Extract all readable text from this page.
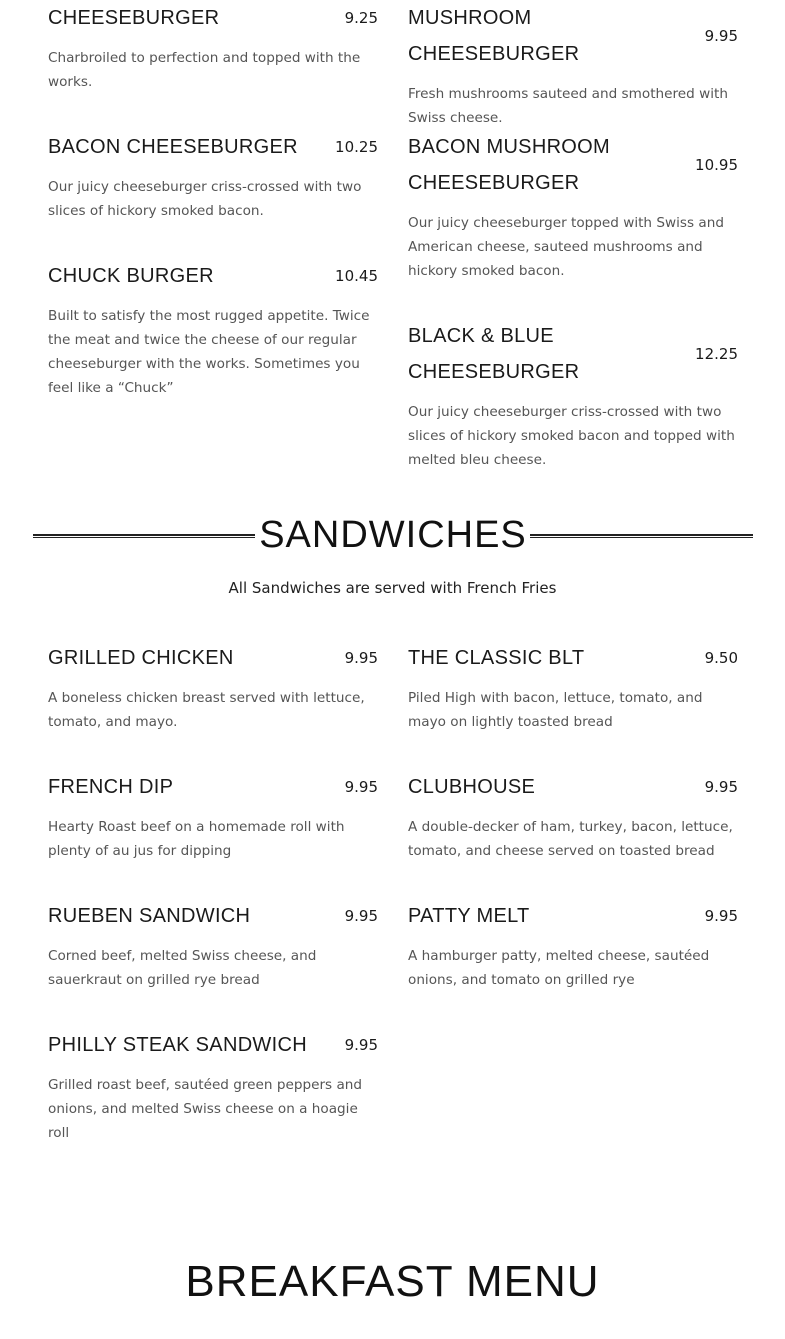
CHEESEBURGER	9.25

Charbroiled to perfection and topped with the works.

MUSHROOM CHEESEBURGER
9.95

Fresh mushrooms sauteed and smothered with Swiss cheese.

BACON CHEESEBURGER 10.25

Our juicy cheeseburger criss-crossed with two slices of hickory smoked bacon.

BACON MUSHROOM CHEESEBURGER
10.95

Our juicy cheeseburger topped with Swiss and American cheese, sauteed mushrooms and hickory smoked bacon.

CHUCK BURGER	10.45

Built to satisfy the most rugged appetite. Twice the meat and twice the cheese of our regular cheeseburger with the works. Sometimes you feel like a “Chuck”

BLACK & BLUE CHEESEBURGER
12.25

Our juicy cheeseburger criss-crossed with two slices of hickory smoked bacon and topped with melted bleu cheese.

SANDWICHES
All Sandwiches are served with French Fries
GRILLED CHICKEN	9.95

A boneless chicken breast served with lettuce, tomato, and mayo.

THE CLASSIC BLT	9.50

Piled High with bacon, lettuce, tomato, and mayo on lightly toasted bread

FRENCH DIP	9.95

Hearty Roast beef on a homemade roll with plenty of au jus for dipping

CLUBHOUSE	9.95

A double-decker of ham, turkey, bacon, lettuce, tomato, and cheese served on toasted bread

RUEBEN SANDWICH	9.95

Corned beef, melted Swiss cheese, and sauerkraut on grilled rye bread

PATTY MELT	9.95

A hamburger patty, melted cheese, sautéed onions, and tomato on grilled rye

PHILLY STEAK SANDWICH	9.95

Grilled roast beef, sautéed green peppers and onions, and melted Swiss cheese on a hoagie roll

BREAKFAST MENU
